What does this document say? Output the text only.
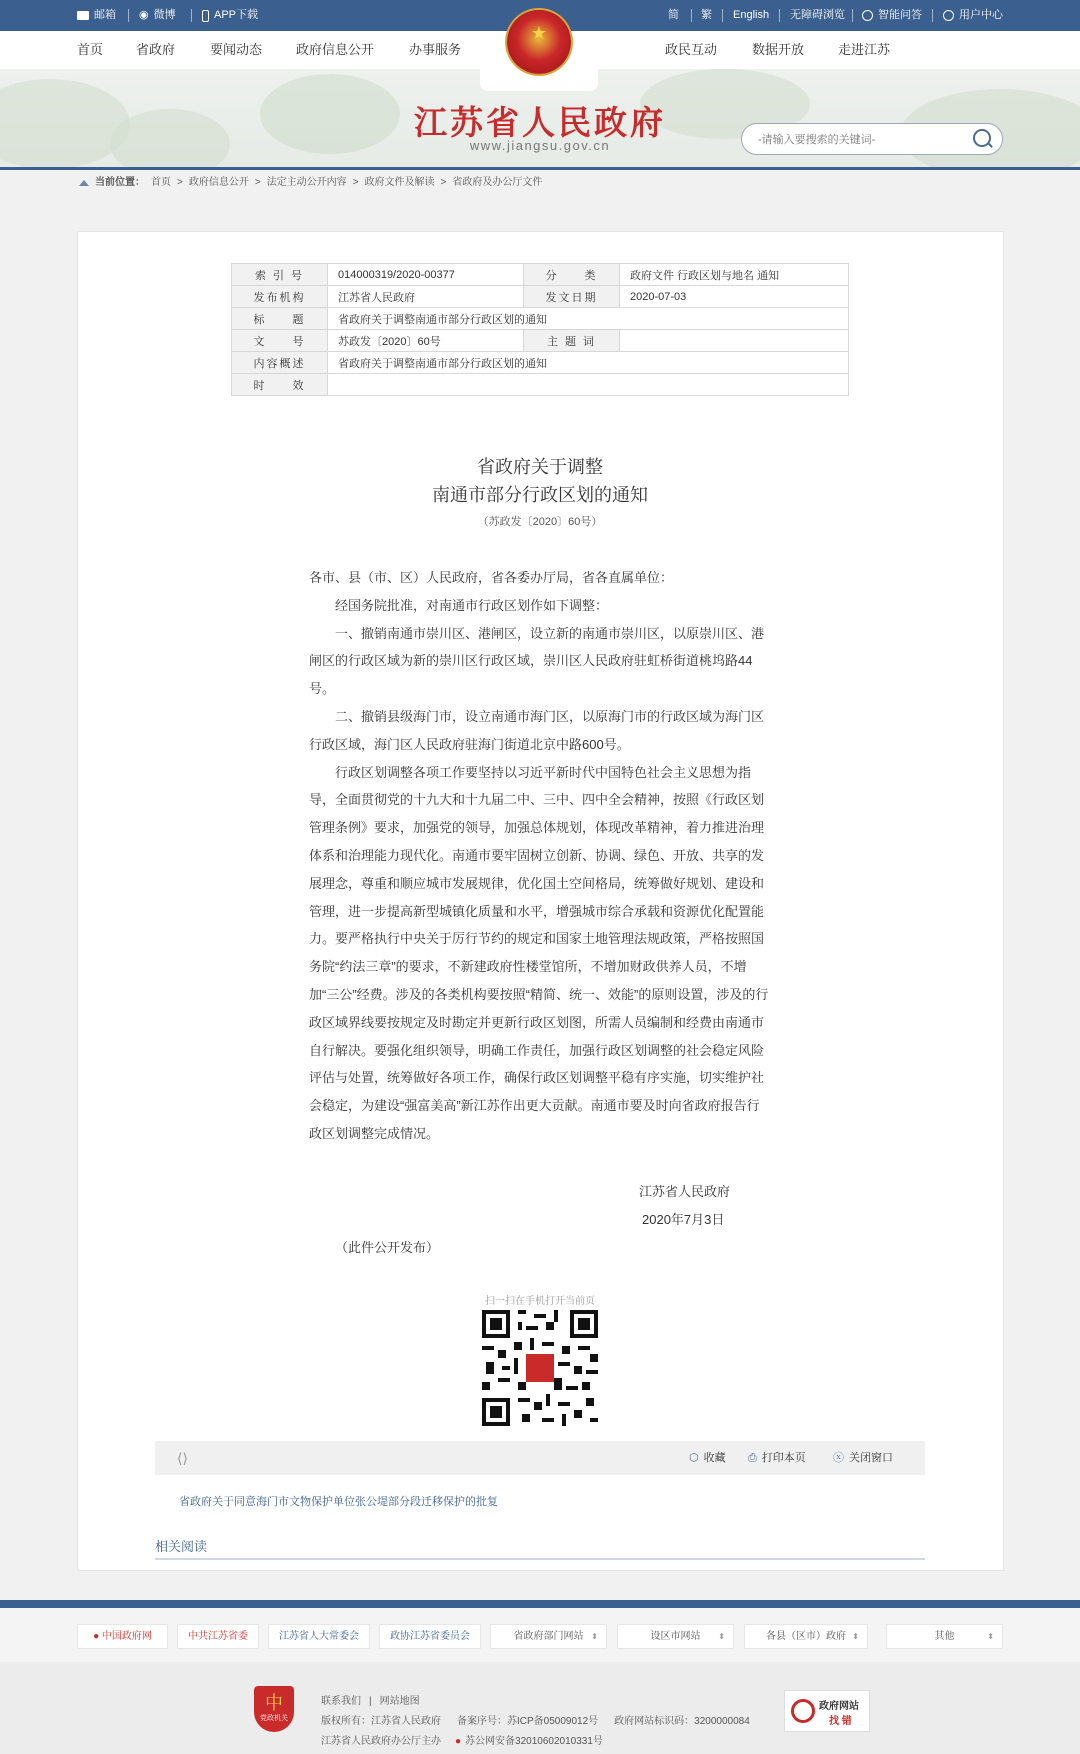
邮箱 ◉ 微博	APP下载	简 繁 English 无障碍浏览	智能问答	用户中心
首页	省政府	要闻动态	政府信息公开	办事服务	政民互动	数据开放	走进江苏
★
江苏省人民政府
www.jiangsu.gov.cn
-请输入要搜索的关键词-
当前位置： 首页 > 政府信息公开 > 法定主动公开内容 > 政府文件及解读 > 省政府及办公厅文件
索 引 号	014000319/2020-00377	分　　类	政府文件 行政区划与地名 通知
发布机构	江苏省人民政府	发文日期	2020-07-03
标　　题	省政府关于调整南通市部分行政区划的通知		
文　　号	苏政发〔2020〕60号	主 题 词	
内容概述	省政府关于调整南通市部分行政区划的通知		
时　　效			
省政府关于调整
南通市部分行政区划的通知
（苏政发〔2020〕60号）

各市、县（市、区）人民政府，省各委办厅局，省各直属单位：

经国务院批准，对南通市行政区划作如下调整：

一、撤销南通市崇川区、港闸区，设立新的南通市崇川区，以原崇川区、港闸区的行政区域为新的崇川区行政区域，崇川区人民政府驻虹桥街道桃坞路44号。

二、撤销县级海门市，设立南通市海门区，以原海门市的行政区域为海门区行政区域，海门区人民政府驻海门街道北京中路600号。

行政区划调整各项工作要坚持以习近平新时代中国特色社会主义思想为指导，全面贯彻党的十九大和十九届二中、三中、四中全会精神，按照《行政区划管理条例》要求，加强党的领导，加强总体规划，体现改革精神，着力推进治理体系和治理能力现代化。南通市要牢固树立创新、协调、绿色、开放、共享的发展理念，尊重和顺应城市发展规律，优化国土空间格局，统筹做好规划、建设和管理，进一步提高新型城镇化质量和水平，增强城市综合承载和资源优化配置能力。要严格执行中央关于厉行节约的规定和国家土地管理法规政策，严格按照国务院“约法三章”的要求，不新建政府性楼堂馆所，不增加财政供养人员，不增加“三公”经费。涉及的各类机构要按照“精简、统一、效能”的原则设置，涉及的行政区域界线要按规定及时勘定并更新行政区划图，所需人员编制和经费由南通市自行解决。要强化组织领导，明确工作责任，加强行政区划调整的社会稳定风险评估与处置，统筹做好各项工作，确保行政区划调整平稳有序实施，切实维护社会稳定，为建设“强富美高”新江苏作出更大贡献。南通市要及时向省政府报告行政区划调整完成情况。

江苏省人民政府
2020年7月3日
（此件公开发布）
扫一扫在手机打开当前页
⟨⟩	⬡ 收藏 ⎙ 打印本页 ⓧ 关闭窗口
省政府关于同意海门市文物保护单位张公堤部分段迁移保护的批复
相关阅读
● 中国政府网	中共江苏省委	江苏省人大常委会	政协江苏省委员会	省政府部门网站 ⬍	设区市网站 ⬍	各县（区市）政府 ⬍	其他	⬍
联系我们 | 网站地图
版权所有：江苏省人民政府 备案序号：苏ICP备05009012号 政府网站标识码：3200000084
江苏省人民政府办公厅主办 ● 苏公网安备32010602010331号
中
党政机关
政府网站
找 错
